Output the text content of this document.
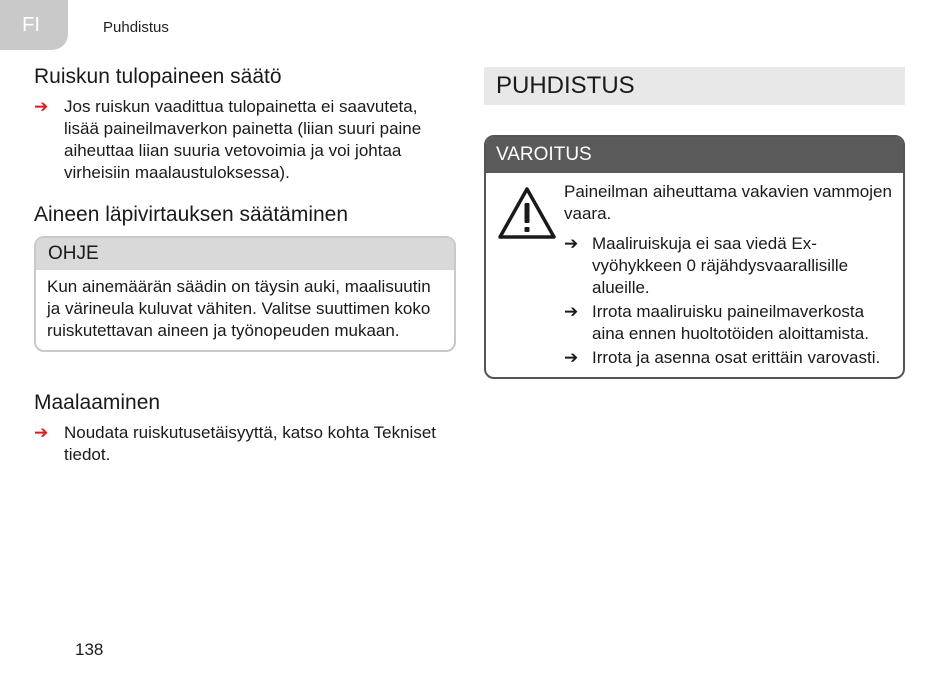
FI	Puhdistus
Ruiskun tulopaineen säätö
➔ Jos ruiskun vaadittua tulopainetta ei saavuteta, lisää paineilmaverkon painetta (liian suuri paine aiheuttaa liian suuria vetovoimia ja voi johtaa virheisiin maalaustuloksessa).
Aineen läpivirtauksen säätäminen
OHJE
Kun ainemäärän säädin on täysin auki, maalisuutin ja värineula kuluvat vähiten. Valitse suuttimen koko ruiskutettavan aineen ja työnopeuden mukaan.
Maalaaminen
➔ Noudata ruiskutusetäisyyttä, katso kohta Tekniset tiedot.
PUHDISTUS
VAROITUS
Paineilman aiheuttama vakavien vammojen vaara.
➔ Maaliruiskuja ei saa viedä Ex-vyöhykkeen 0 räjähdysvaarallisille alueille.
➔ Irrota maaliruisku paineilmaverkosta aina ennen huoltotöiden aloittamista.
➔ Irrota ja asenna osat erittäin varovasti.
138
